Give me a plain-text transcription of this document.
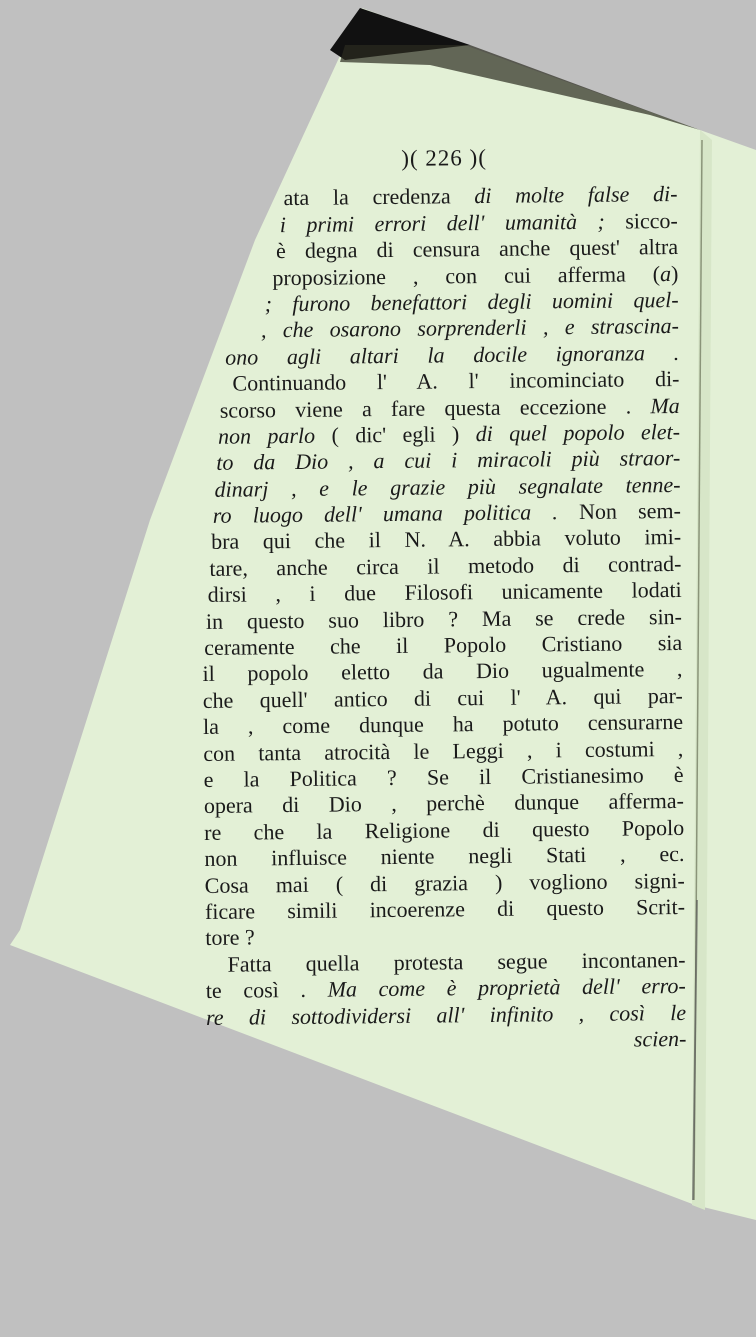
)( 226 )(
ata la credenza di molte false di-
i primi errori dell' umanità ; sicco-
è degna di censura anche quest' altra
proposizione , con cui afferma (a)
; furono benefattori degli uomini quel-
, che osarono sorprenderli , e strascina-
ono agli altari la docile ignoranza .
Continuando l' A. l' incominciato di-
scorso viene a fare questa eccezione . Ma
non parlo ( dic' egli ) di quel popolo elet-
to da Dio , a cui i miracoli più straor-
dinarj , e le grazie più segnalate tenne-
ro luogo dell' umana politica . Non sem-
bra qui che il N. A. abbia voluto imi-
tare, anche circa il metodo di contrad-
dirsi , i due Filosofi unicamente lodati
in questo suo libro ? Ma se crede sin-
ceramente che il Popolo Cristiano sia
il popolo eletto da Dio ugualmente ,
che quell' antico di cui l' A. qui par-
la , come dunque ha potuto censurarne
con tanta atrocità le Leggi , i costumi ,
e la Politica ? Se il Cristianesimo è
opera di Dio , perchè dunque afferma-
re che la Religione di questo Popolo
non influisce niente negli Stati , ec.
Cosa mai ( di grazia ) vogliono signi-
ficare simili incoerenze di questo Scrit-
tore ?
Fatta quella protesta segue incontanen-
te così . Ma come è proprietà dell' erro-
re di sottodividersi all' infinito , così le
scien-
